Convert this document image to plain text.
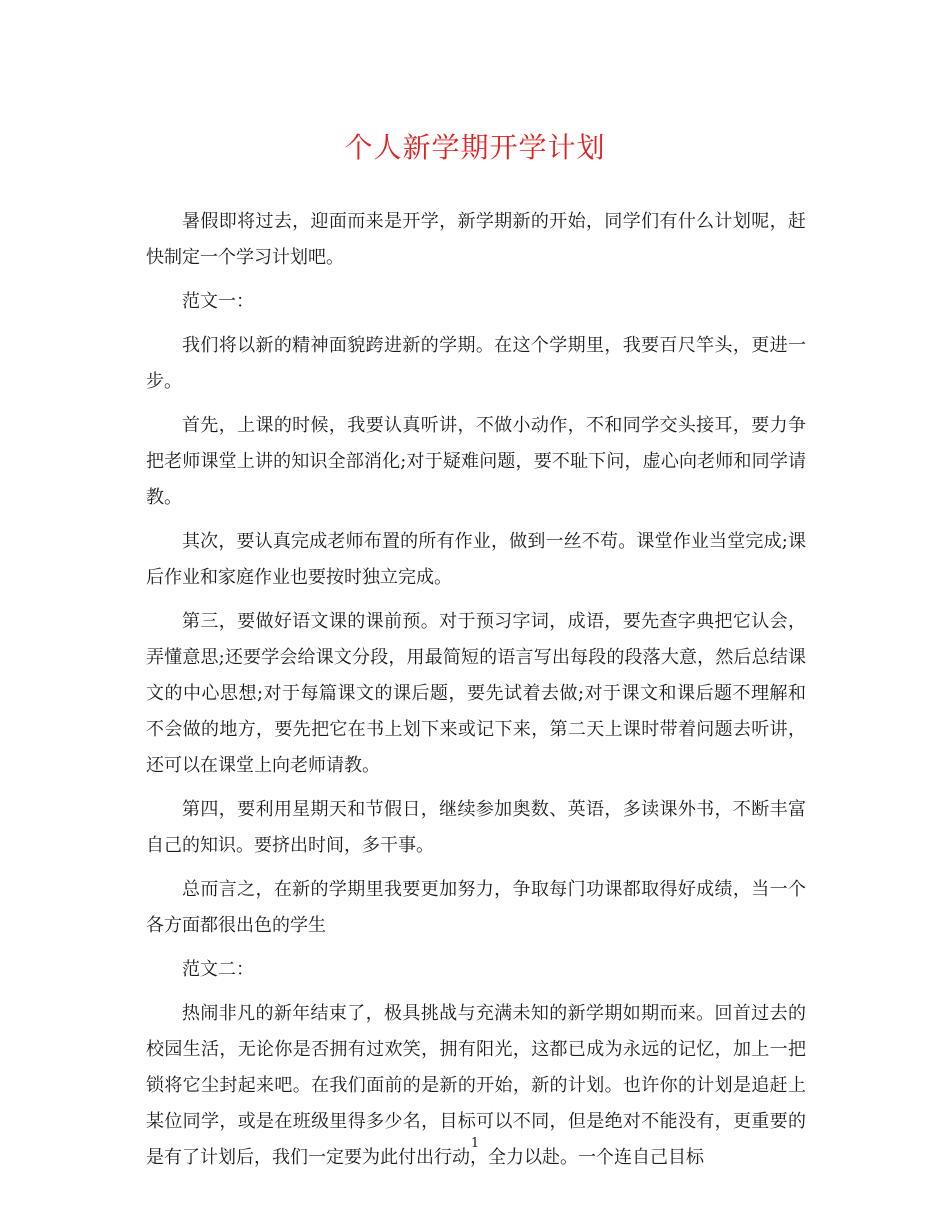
个人新学期开学计划

暑假即将过去，迎面而来是开学，新学期新的开始，同学们有什么计划呢，赶快制定一个学习计划吧。

范文一：

我们将以新的精神面貌跨进新的学期。在这个学期里，我要百尺竿头，更进一步。

首先，上课的时候，我要认真听讲，不做小动作，不和同学交头接耳，要力争把老师课堂上讲的知识全部消化;对于疑难问题，要不耻下问，虚心向老师和同学请教。

其次，要认真完成老师布置的所有作业，做到一丝不苟。课堂作业当堂完成;课后作业和家庭作业也要按时独立完成。

第三，要做好语文课的课前预。对于预习字词，成语，要先查字典把它认会，弄懂意思;还要学会给课文分段，用最简短的语言写出每段的段落大意，然后总结课文的中心思想;对于每篇课文的课后题，要先试着去做;对于课文和课后题不理解和不会做的地方，要先把它在书上划下来或记下来，第二天上课时带着问题去听讲，还可以在课堂上向老师请教。

第四，要利用星期天和节假日，继续参加奥数、英语，多读课外书，不断丰富自己的知识。要挤出时间，多干事。

总而言之，在新的学期里我要更加努力，争取每门功课都取得好成绩，当一个各方面都很出色的学生

范文二：

热闹非凡的新年结束了，极具挑战与充满未知的新学期如期而来。回首过去的校园生活，无论你是否拥有过欢笑，拥有阳光，这都已成为永远的记忆，加上一把锁将它尘封起来吧。在我们面前的是新的开始，新的计划。也许你的计划是追赶上某位同学，或是在班级里得多少名，目标可以不同，但是绝对不能没有，更重要的是有了计划后，我们一定要为此付出行动，全力以赴。一个连自己目标

1
